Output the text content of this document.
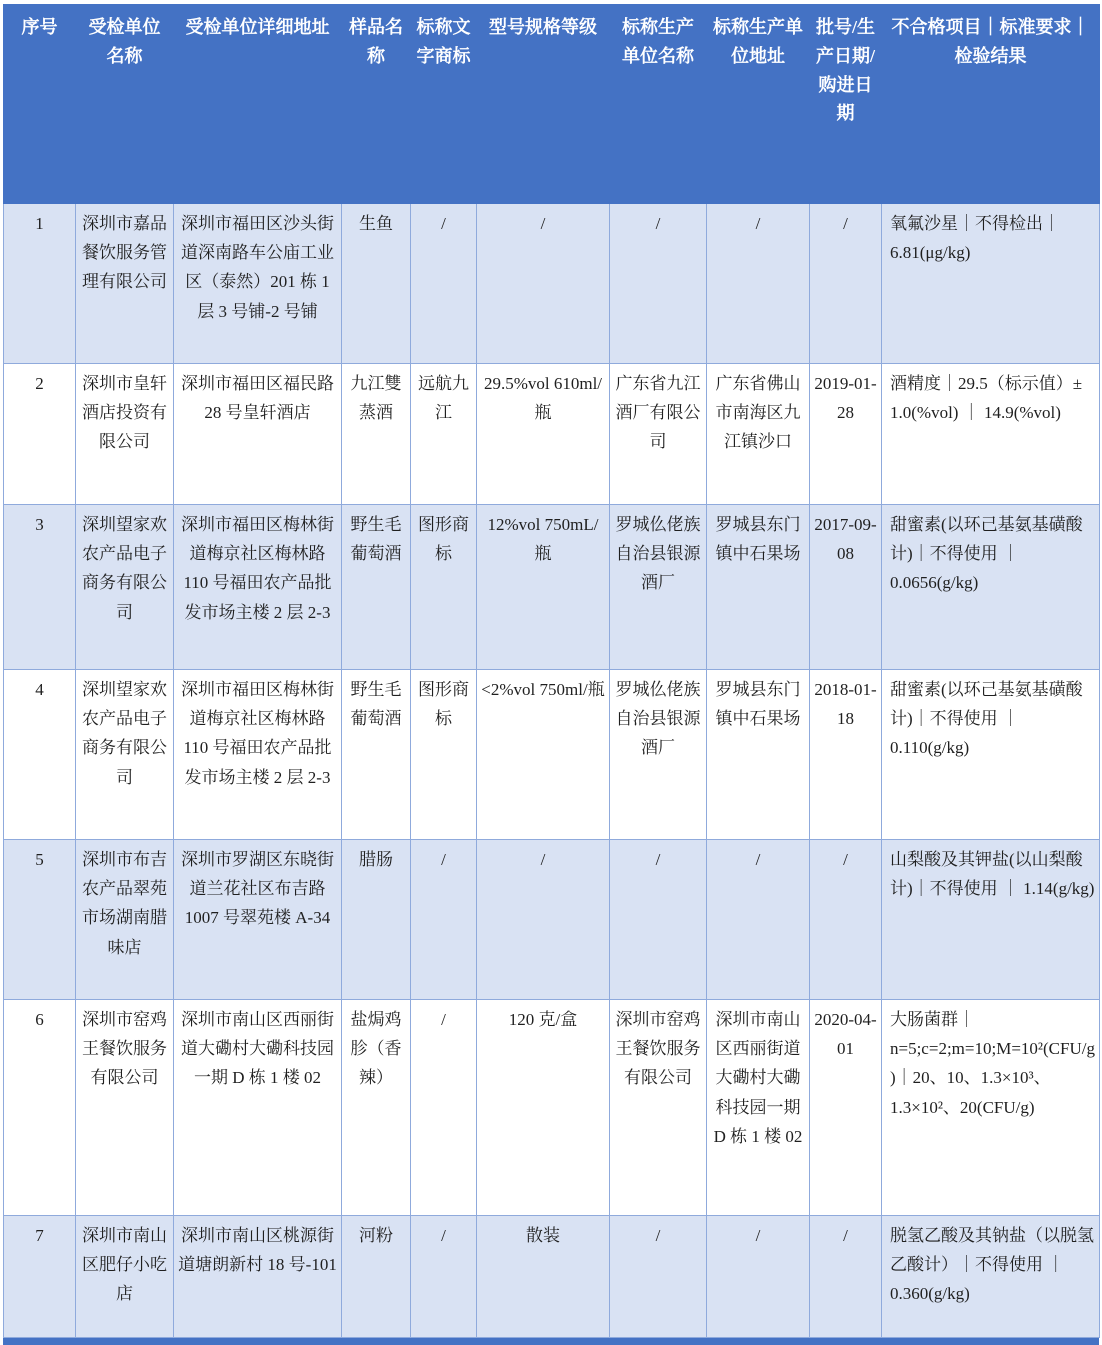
序号	受检单位名称	受检单位详细地址	样品名称	标称文字商标	型号规格等级	标称生产单位名称	标称生产单位地址	批号/生产日期/购进日期	不合格项目｜标准要求｜检验结果
1	深圳市嘉品餐饮服务管理有限公司	深圳市福田区沙头街道深南路车公庙工业区（泰然）201 栋 1 层 3 号铺-2 号铺	生鱼	/	/	/	/	/	氧氟沙星｜不得检出｜ 6.81(μg/kg)
2	深圳市皇轩酒店投资有限公司	深圳市福田区福民路 28 号皇轩酒店	九江雙蒸酒	远航九江	29.5%vol 610ml/瓶	广东省九江酒厂有限公司	广东省佛山市南海区九江镇沙口	2019-01-28	酒精度｜29.5（标示值）± 1.0(%vol) ｜ 14.9(%vol)
3	深圳望家欢农产品电子商务有限公司	深圳市福田区梅林街道梅京社区梅林路 110 号福田农产品批发市场主楼 2 层 2-3	野生毛葡萄酒	图形商标	12%vol 750mL/瓶	罗城仫佬族自治县银源酒厂	罗城县东门镇中石果场	2017-09-08	甜蜜素(以环己基氨基磺酸计)｜不得使用 ｜ 0.0656(g/kg)
4	深圳望家欢农产品电子商务有限公司	深圳市福田区梅林街道梅京社区梅林路 110 号福田农产品批发市场主楼 2 层 2-3	野生毛葡萄酒	图形商标	<2%vol 750ml/瓶	罗城仫佬族自治县银源酒厂	罗城县东门镇中石果场	2018-01-18	甜蜜素(以环己基氨基磺酸计)｜不得使用 ｜ 0.110(g/kg)
5	深圳市布吉农产品翠苑市场湖南腊味店	深圳市罗湖区东晓街道兰花社区布吉路 1007 号翠苑楼 A-34	腊肠	/	/	/	/	/	山梨酸及其钾盐(以山梨酸计)｜不得使用 ｜ 1.14(g/kg)
6	深圳市窑鸡王餐饮服务有限公司	深圳市南山区西丽街道大磡村大磡科技园一期 D 栋 1 楼 02	盐焗鸡胗（香辣）	/	120 克/盒	深圳市窑鸡王餐饮服务有限公司	深圳市南山区西丽街道大磡村大磡科技园一期 D 栋 1 楼 02	2020-04-01	大肠菌群｜ n=5;c=2;m=10;M=10²(CFU/g)｜20、10、1.3×10³、1.3×10²、20(CFU/g)
7	深圳市南山区肥仔小吃店	深圳市南山区桃源街道塘朗新村 18 号-101	河粉	/	散装	/	/	/	脱氢乙酸及其钠盐（以脱氢乙酸计）｜不得使用 ｜ 0.360(g/kg)
